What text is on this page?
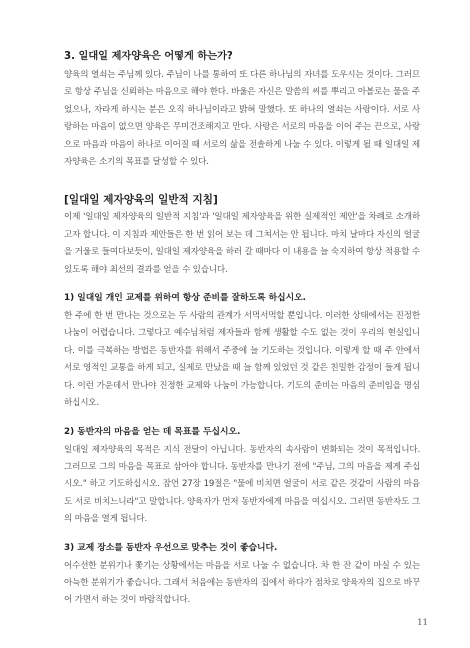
3. 일대일 제자양육은 어떻게 하는가?

양육의 열쇠는 주님께 있다. 주님이 나를 통하여 또 다른 하나님의 자녀를 도우시는 것이다. 그러므로 항상 주님을 신뢰하는 마음으로 해야 한다. 바울은 자신은 말씀의 씨를 뿌리고 아볼로는 물을 주었으나, 자라게 하시는 분은 오직 하나님이라고 밝혀 말했다. 또 하나의 열쇠는 사랑이다. 서로 사랑하는 마음이 없으면 양육은 무미건조해지고 만다. 사랑은 서로의 마음을 이어 주는 끈으로, 사랑으로 마음과 마음이 하나로 이어질 때 서로의 삶을 전솔하게 나눌 수 있다. 이렇게 될 때 일대일 제자양육은 소기의 목표를 달성할 수 있다.

[일대일 제자양육의 일반적 지침]

이제 '일대일 제자양육의 일반적 지침'과 '일대일 제자양육을 위한 실제적인 제안'을 차례로 소개하고자 합니다. 이 지침과 제안들은 한 번 읽어 보는 데 그쳐서는 안 됩니다. 마치 날마다 자신의 얼굴을 거울로 들여다보듯이, 일대일 제자양육을 하러 갈 때마다 이 내용을 늘 숙지하여 항상 적용할 수 있도록 해야 최선의 결과를 얻을 수 있습니다.

1) 일대일 개인 교제를 위하여 항상 준비를 잘하도록 하십시오.

한 주에 한 번 만나는 것으로는 두 사람의 관계가 서먹서먹할 뿐입니다. 이러한 상태에서는 진정한 나눔이 어렵습니다. 그렇다고 예수님처럼 제자들과 함께 생활할 수도 없는 것이 우리의 현실입니다. 이를 극복하는 방법은 동반자를 위해서 주중에 늘 기도하는 것입니다. 이렇게 할 때 주 안에서 서로 영적인 교통을 하게 되고, 실제로 만났을 때 늘 함께 있었던 것 같은 친밀한 감정이 들게 됩니다. 이런 가운데서 만나야 진정한 교제와 나눔이 가능합니다. 기도의 준비는 마음의 준비임을 명심하십시오.

2) 동반자의 마음을 얻는 데 목표를 두십시오.

일대일 제자양육의 목적은 지식 전달이 아닙니다. 동반자의 속사람이 변화되는 것이 목적입니다. 그러므로 그의 마음을 목표로 삼아야 합니다. 동반자를 만나기 전에 "주님, 그의 마음을 제게 주십시오." 하고 기도하십시오. 잠언 27장 19절은 "물에 비치면 얼굴이 서로 같은 것같이 사람의 마음도 서로 비치느니라"고 말합니다. 양육자가 먼저 동반자에게 마음을 여십시오. 그러면 동반자도 그의 마음을 열게 됩니다.

3) 교제 장소를 동반자 우선으로 맞추는 것이 좋습니다.

어수선한 분위기나 쫓기는 상황에서는 마음을 서로 나눌 수 없습니다. 차 한 잔 같이 마실 수 있는 아늑한 분위기가 좋습니다. 그래서 처음에는 동반자의 집에서 하다가 점차로 양육자의 집으로 바꾸어 가면서 하는 것이 바람직합니다.

11
